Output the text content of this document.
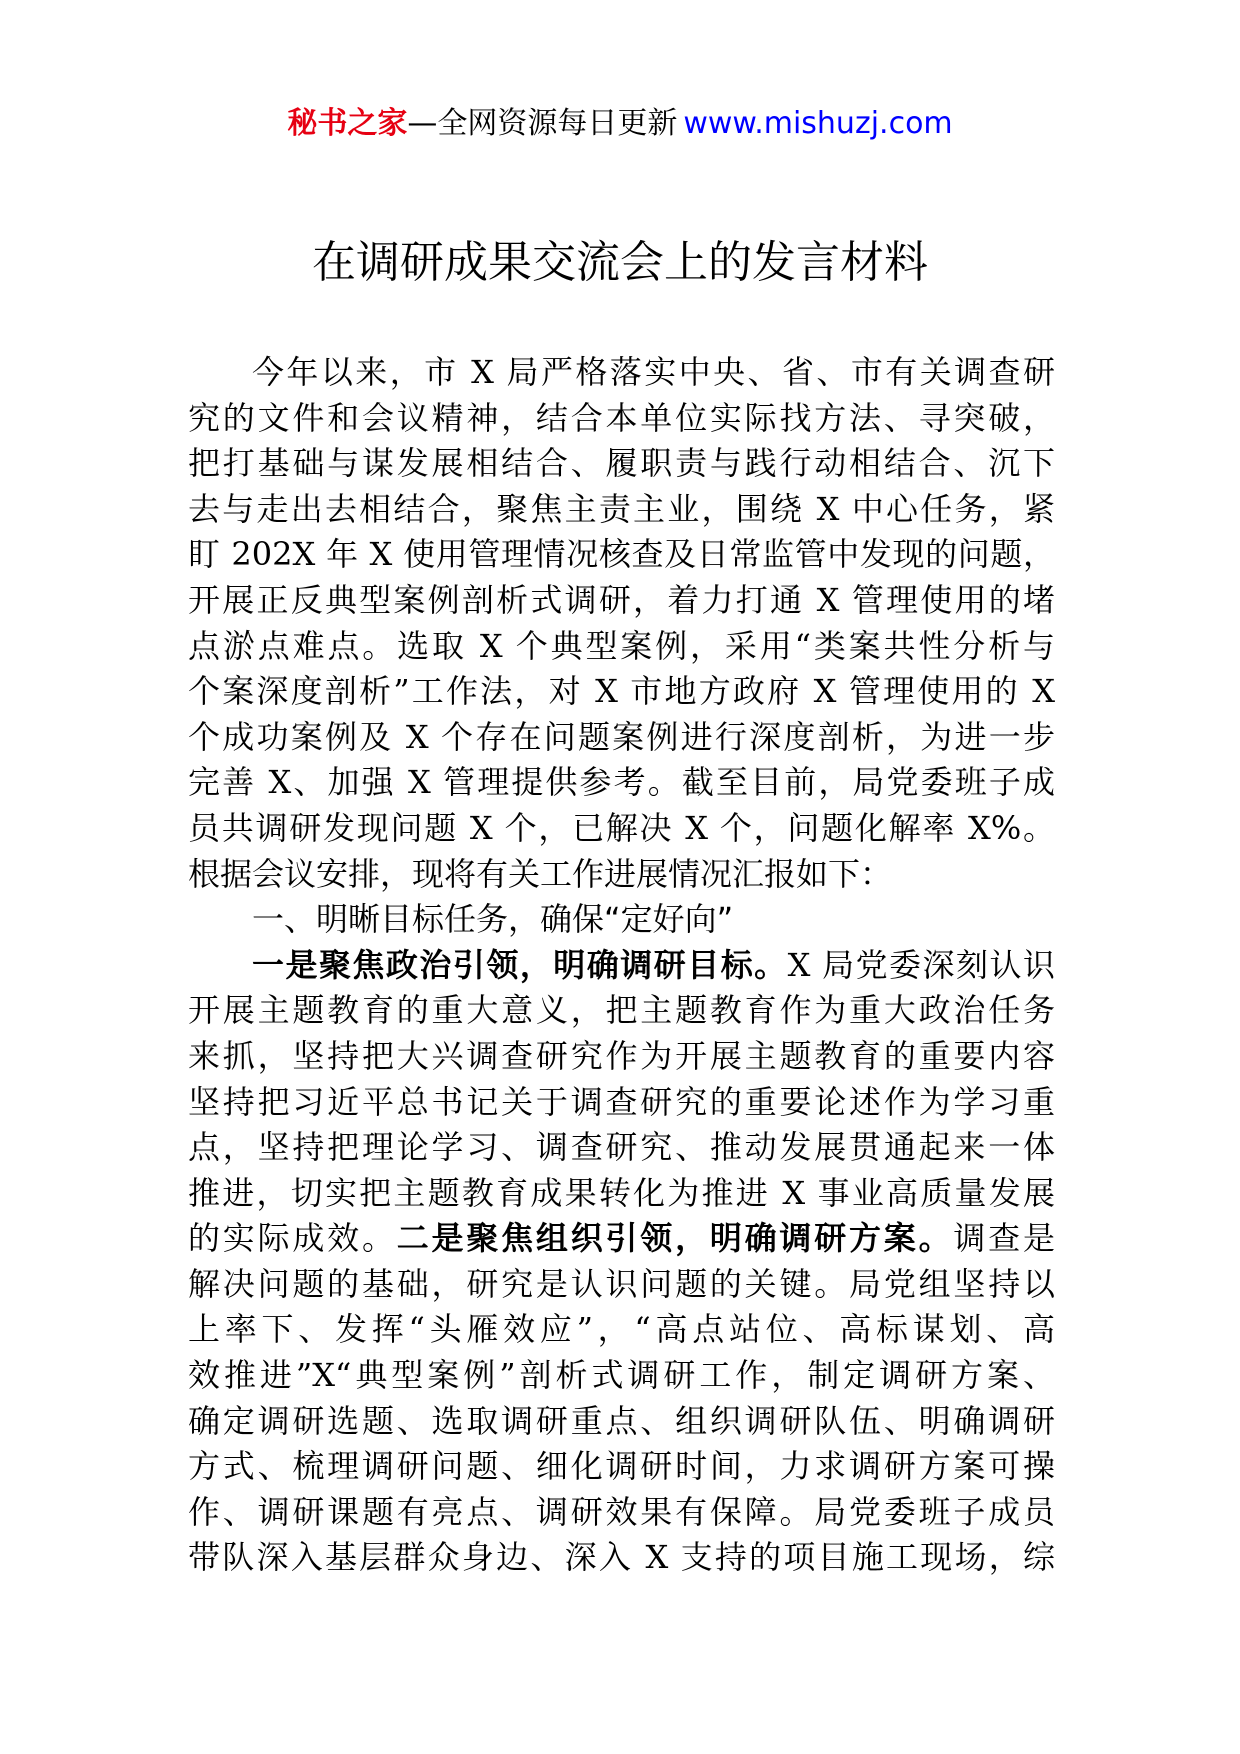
秘书之家—全网资源每日更新 www.mishuzj.com
在调研成果交流会上的发言材料
今年以来，市 X 局严格落实中央、省、市有关调查研
究的文件和会议精神，结合本单位实际找方法、寻突破，
把打基础与谋发展相结合、履职责与践行动相结合、沉下
去与走出去相结合，聚焦主责主业，围绕 X 中心任务，紧
盯 202X 年 X 使用管理情况核查及日常监管中发现的问题，
开展正反典型案例剖析式调研，着力打通 X 管理使用的堵
点淤点难点。选取 X 个典型案例，采用“类案共性分析与
个案深度剖析”工作法，对 X 市地方政府 X 管理使用的 X
个成功案例及 X 个存在问题案例进行深度剖析，为进一步
完善 X、加强 X 管理提供参考。截至目前，局党委班子成
员共调研发现问题 X 个，已解决 X 个，问题化解率 X%。
根据会议安排，现将有关工作进展情况汇报如下：
一、明晰目标任务，确保“定好向”
一是聚焦政治引领，明确调研目标。X 局党委深刻认识
开展主题教育的重大意义，把主题教育作为重大政治任务
来抓，坚持把大兴调查研究作为开展主题教育的重要内容
坚持把习近平总书记关于调查研究的重要论述作为学习重
点，坚持把理论学习、调查研究、推动发展贯通起来一体
推进，切实把主题教育成果转化为推进 X 事业高质量发展
的实际成效。二是聚焦组织引领，明确调研方案。调查是
解决问题的基础，研究是认识问题的关键。局党组坚持以
上率下、发挥“头雁效应”，“高点站位、高标谋划、高
效推进”X“典型案例”剖析式调研工作，制定调研方案、
确定调研选题、选取调研重点、组织调研队伍、明确调研
方式、梳理调研问题、细化调研时间，力求调研方案可操
作、调研课题有亮点、调研效果有保障。局党委班子成员
带队深入基层群众身边、深入 X 支持的项目施工现场，综
